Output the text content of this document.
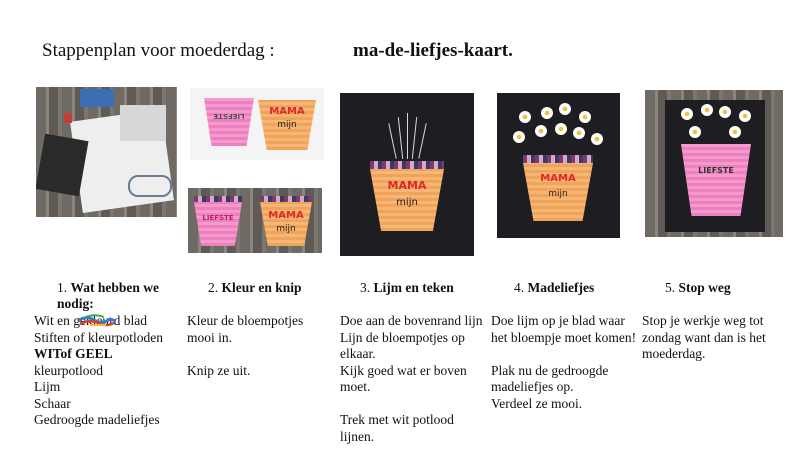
Stappenplan voor moederdag :	ma-de-liefjes-kaart.
LIEFSTE	MAMA
mijn
LIEFSTE	MAMA
mijn
MAMA
mijn
MAMA
mijn
LIEFSTE
1. Wat hebben we nodig:
2. Kleur en knip	3. Lijm en teken	4. Madeliefjes	5. Stop weg
Wit en gekleurd blad
Stiften of kleurpotloden
WITof GEEL
kleurpotlood
Lijm
Schaar
Gedroogde madeliefjes
Kleur de bloempotjes
mooi in.

Knip ze uit.
Doe aan de bovenrand lijn
Lijn de bloempotjes op
elkaar.
Kijk goed wat er boven
moet.

Trek met wit potlood
lijnen.
Doe lijm op je blad waar
het bloempje moet komen!

Plak nu de gedroogde
madeliefjes op.
Verdeel ze mooi.
Stop je werkje weg tot
zondag want dan is het
moederdag.
